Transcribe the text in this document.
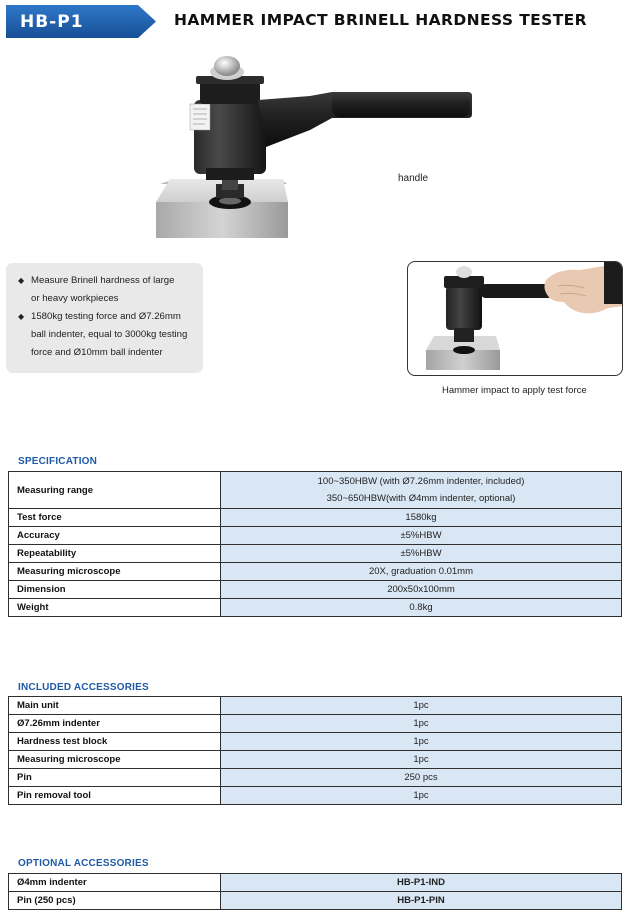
HB-P1	HAMMER IMPACT BRINELL HARDNESS TESTER
handle
◆ Measure Brinell hardness of large
or heavy workpieces
◆ 1580kg testing force and Ø7.26mm
ball indenter, equal to 3000kg testing
force and Ø10mm ball indenter
Hammer impact to apply test force
SPECIFICATION
Measuring range	100~350HBW (with Ø7.26mm indenter, included)
350~650HBW(with Ø4mm indenter, optional)

Test force	1580kg
Accuracy	±5%HBW
Repeatability	±5%HBW
Measuring microscope	20X, graduation 0.01mm
Dimension	200x50x100mm
Weight	0.8kg
INCLUDED ACCESSORIES
Main unit	1pc
Ø7.26mm indenter	1pc
Hardness test block	1pc
Measuring microscope	1pc
Pin	250 pcs
Pin removal tool	1pc
OPTIONAL ACCESSORIES
Ø4mm indenter	HB-P1-IND
Pin (250 pcs)	HB-P1-PIN
